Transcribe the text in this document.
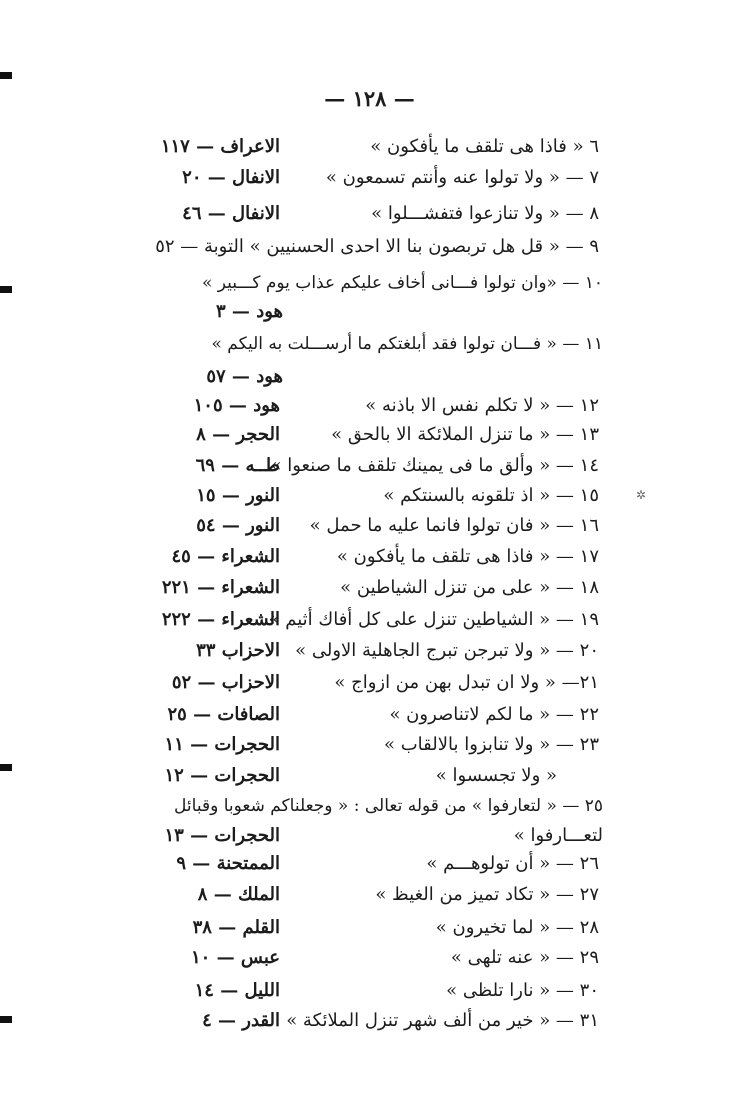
— ١٢٨ —
٦ « فاذا هى تلقف ما يأفكون »
الاعراف — ١١٧
٧ — « ولا تولوا عنه وأنتم تسمعون »
الانفال — ٢٠
٨ — « ولا تنازعوا فتفشـــلوا »
الانفال — ٤٦
٩ — « قل هل تربصون بنا الا احدى الحسنيين » التوبة — ٥٢
١٠ — «وان تولوا فـــانى أخاف عليكم عذاب يوم كـــبير »
هود — ٣
١١ — « فـــان تولوا فقد أبلغتكم ما أرســـلت به اليكم »
هود — ٥٧
١٢ — « لا تكلم نفس الا باذنه »
هود — ١٠٥
١٣ — « ما تنزل الملائكة الا بالحق »
الحجر — ٨
١٤ — « وألق ما فى يمينك تلقف ما صنعوا »
طــه — ٦٩
١٥ — « اذ تلقونه بالسنتكم »
النور — ١٥
١٦ — « فان تولوا فانما عليه ما حمل »
النور — ٥٤
١٧ — « فاذا هى تلقف ما يأفكون »
الشعراء — ٤٥
١٨ — « على من تنزل الشياطين »
الشعراء — ٢٢١
١٩ — « الشياطين تنزل على كل أفاك أثيم »
الشعراء — ٢٢٢
٢٠ — « ولا تبرجن تبرج الجاهلية الاولى »
الاحزاب ٣٣
٢١— « ولا ان تبدل بهن من ازواج »
الاحزاب — ٥٢
٢٢ — « ما لكم لاتناصرون »
الصافات — ٢٥
٢٣ — « ولا تنابزوا بالالقاب »
الحجرات — ١١
« ولا تجسسوا »
الحجرات — ١٢
٢٥ — « لتعارفوا » من قوله تعالى : « وجعلناكم شعوبا وقبائل
لتعـــارفوا »
الحجرات — ١٣
٢٦ — « أن تولوهـــم »
الممتحنة — ٩
٢٧ — « تكاد تميز من الغيظ »
الملك — ٨
٢٨ — « لما تخيرون »
القلم — ٣٨
٢٩ — « عنه تلهى »
عبس — ١٠
٣٠ — « نارا تلظى »
الليل — ١٤
٣١ — « خير من ألف شهر تنزل الملائكة »
القدر — ٤
✲
